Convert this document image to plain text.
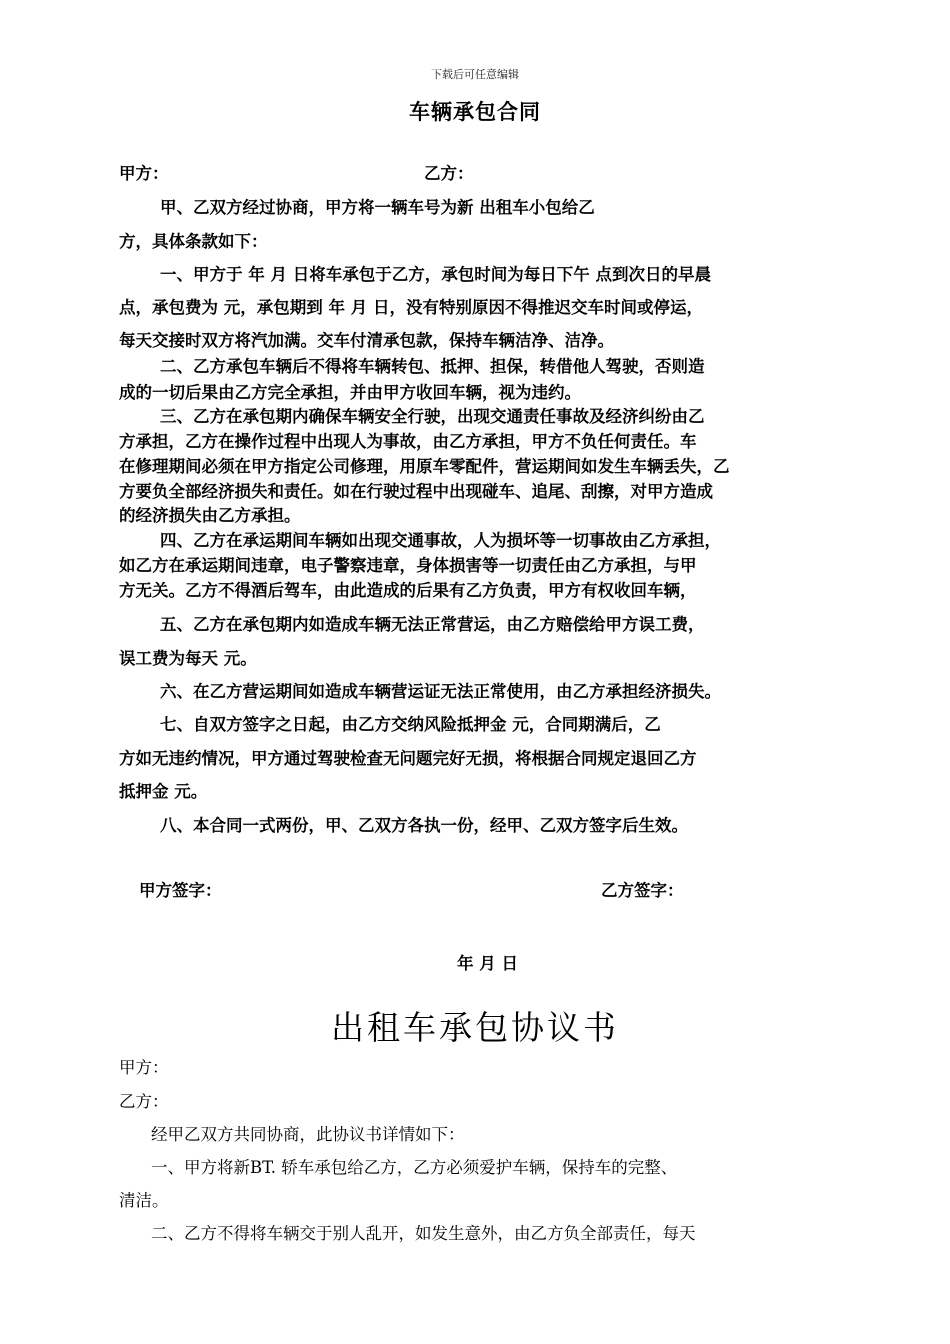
下载后可任意编辑
车辆承包合同
甲方：	乙方：
甲、乙双方经过协商，甲方将一辆车号为新 出租车小包给乙
方，具体条款如下：
一、甲方于 年 月 日将车承包于乙方，承包时间为每日下午 点到次日的早晨
点，承包费为 元，承包期到 年 月 日，没有特别原因不得推迟交车时间或停运，
每天交接时双方将汽加满。交车付清承包款，保持车辆洁净、洁净。
二、乙方承包车辆后不得将车辆转包、抵押、担保，转借他人驾驶，否则造
成的一切后果由乙方完全承担，并由甲方收回车辆，视为违约。
三、乙方在承包期内确保车辆安全行驶，出现交通责任事故及经济纠纷由乙
方承担，乙方在操作过程中出现人为事故，由乙方承担，甲方不负任何责任。车
在修理期间必须在甲方指定公司修理，用原车零配件，营运期间如发生车辆丢失，乙
方要负全部经济损失和责任。如在行驶过程中出现碰车、追尾、刮擦，对甲方造成
的经济损失由乙方承担。
四、乙方在承运期间车辆如出现交通事故，人为损坏等一切事故由乙方承担，
如乙方在承运期间违章，电子警察违章，身体损害等一切责任由乙方承担，与甲
方无关。乙方不得酒后驾车，由此造成的后果有乙方负责，甲方有权收回车辆，
五、乙方在承包期内如造成车辆无法正常营运，由乙方赔偿给甲方误工费，
误工费为每天 元。
六、在乙方营运期间如造成车辆营运证无法正常使用，由乙方承担经济损失。
七、自双方签字之日起，由乙方交纳风险抵押金 元，合同期满后，乙
方如无违约情况，甲方通过驾驶检查无问题完好无损，将根据合同规定退回乙方
抵押金 元。
八、本合同一式两份，甲、乙双方各执一份，经甲、乙双方签字后生效。
甲方签字：	乙方签字：
年 月 日
出租车承包协议书
甲方：
乙方：
经甲乙双方共同协商，此协议书详情如下：
一、甲方将新BT. 轿车承包给乙方，乙方必须爱护车辆，保持车的完整、
清洁。
二、乙方不得将车辆交于别人乱开，如发生意外，由乙方负全部责任，每天
